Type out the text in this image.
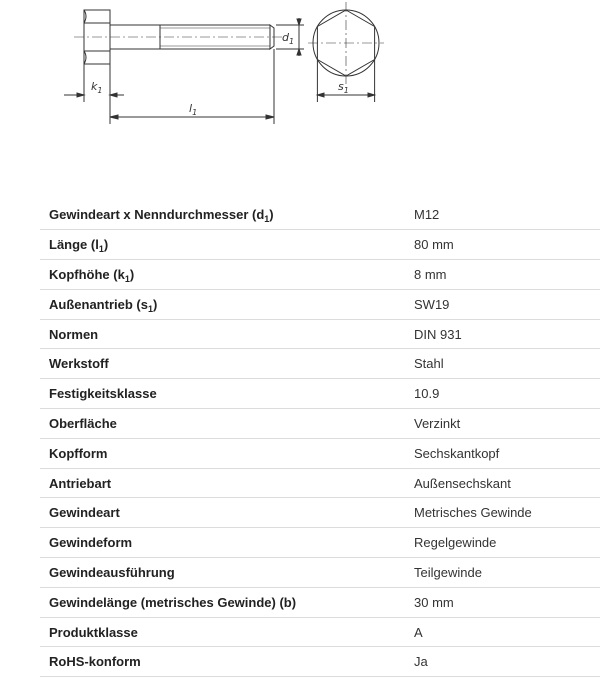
$k_1$
$l_1$
$d_1$
$s_1$
Gewindeart x Nenndurchmesser $(d_1)$	M12
Länge $(l_1)$	80 mm
Kopfhöhe $(k_1)$	8 mm
Außenantrieb $(s_1)$	SW19
Normen	DIN 931
Werkstoff	Stahl
Festigkeitsklasse	10.9
Oberfläche	Verzinkt
Kopfform	Sechskantkopf
Antriebart	Außensechskant
Gewindeart	Metrisches Gewinde
Gewindeform	Regelgewinde
Gewindeausführung	Teilgewinde
Gewindelänge (metrisches Gewinde) (b)	30 mm
Produktklasse	A
RoHS-konform	Ja
